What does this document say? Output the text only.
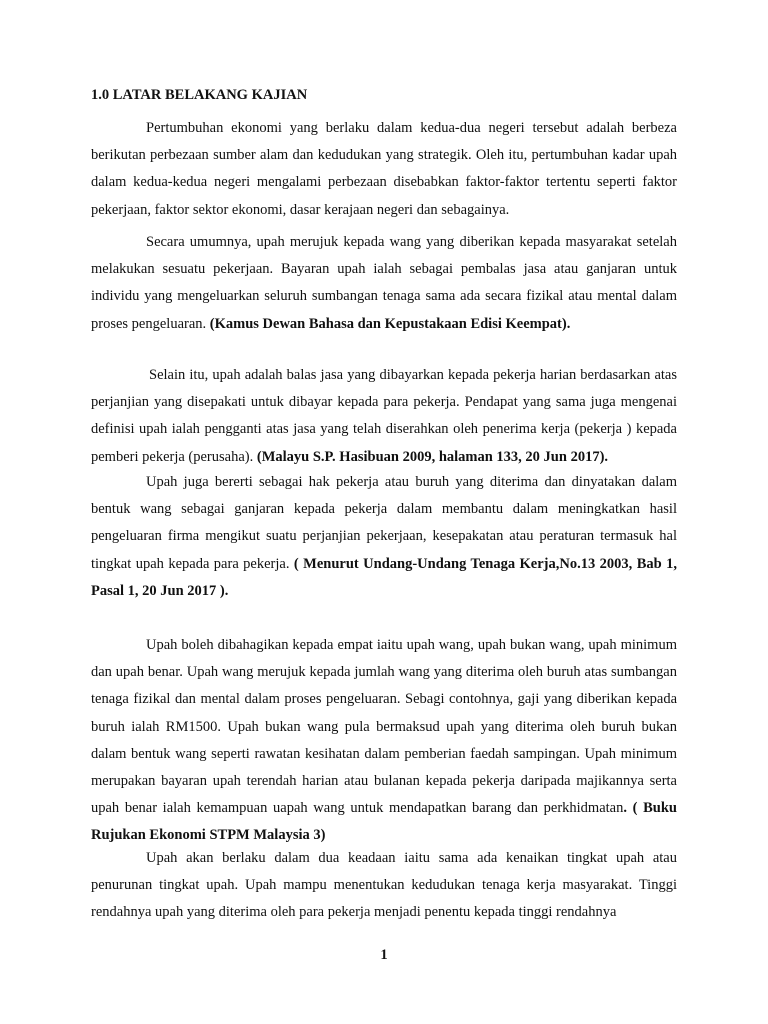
1.0 LATAR BELAKANG KAJIAN

Pertumbuhan ekonomi yang berlaku dalam kedua-dua negeri tersebut adalah berbeza berikutan perbezaan sumber alam dan kedudukan yang strategik. Oleh itu, pertumbuhan kadar upah dalam kedua-kedua negeri mengalami perbezaan disebabkan faktor-faktor tertentu seperti faktor pekerjaan, faktor sektor ekonomi, dasar kerajaan negeri dan sebagainya.

Secara umumnya, upah merujuk kepada wang yang diberikan kepada masyarakat setelah melakukan sesuatu pekerjaan. Bayaran upah ialah sebagai pembalas jasa atau ganjaran untuk individu yang mengeluarkan seluruh sumbangan tenaga sama ada secara fizikal atau mental dalam proses pengeluaran. (Kamus Dewan Bahasa dan Kepustakaan Edisi Keempat).

Selain itu, upah adalah balas jasa yang dibayarkan kepada pekerja harian berdasarkan atas perjanjian yang disepakati untuk dibayar kepada para pekerja. Pendapat yang sama juga mengenai definisi upah ialah pengganti atas jasa yang telah diserahkan oleh penerima kerja (pekerja ) kepada pemberi pekerja (perusaha). (Malayu S.P. Hasibuan 2009, halaman 133, 20 Jun 2017).

Upah juga bererti sebagai hak pekerja atau buruh yang diterima dan dinyatakan dalam bentuk wang sebagai ganjaran kepada pekerja dalam membantu dalam meningkatkan hasil pengeluaran firma mengikut suatu perjanjian pekerjaan, kesepakatan atau peraturan termasuk hal tingkat upah kepada para pekerja. ( Menurut Undang-Undang Tenaga Kerja,No.13 2003, Bab 1, Pasal 1, 20 Jun 2017 ).

Upah boleh dibahagikan kepada empat iaitu upah wang, upah bukan wang, upah minimum dan upah benar. Upah wang merujuk kepada jumlah wang yang diterima oleh buruh atas sumbangan tenaga fizikal dan mental dalam proses pengeluaran. Sebagi contohnya, gaji yang diberikan kepada buruh ialah RM1500. Upah bukan wang pula bermaksud upah yang diterima oleh buruh bukan dalam bentuk wang seperti rawatan kesihatan dalam pemberian faedah sampingan. Upah minimum merupakan bayaran upah terendah harian atau bulanan kepada pekerja daripada majikannya serta upah benar ialah kemampuan uapah wang untuk mendapatkan barang dan perkhidmatan. ( Buku Rujukan Ekonomi STPM Malaysia 3)

Upah akan berlaku dalam dua keadaan iaitu sama ada kenaikan tingkat upah atau penurunan tingkat upah. Upah mampu menentukan kedudukan tenaga kerja masyarakat. Tinggi rendahnya upah yang diterima oleh para pekerja menjadi penentu kepada tinggi rendahnya

1
